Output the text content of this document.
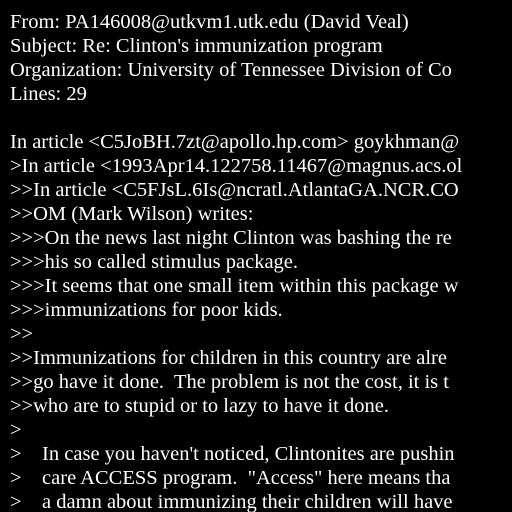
From: PA146008@utkvm1.utk.edu (David Veal)
Subject: Re: Clinton's immunization program
Organization: University of Tennessee Division of Co
Lines: 29
In article <C5JoBH.7zt@apollo.hp.com> goykhman@
>In article <1993Apr14.122758.11467@magnus.acs.ol
>>In article <C5FJsL.6Is@ncratl.AtlantaGA.NCR.CO
>>OM (Mark Wilson) writes:
>>>On the news last night Clinton was bashing the re
>>>his so called stimulus package.
>>>It seems that one small item within this package w
>>>immunizations for poor kids.
>>
>>Immunizations for children in this country are alre
>>go have it done.  The problem is not the cost, it is t
>>who are to stupid or to lazy to have it done.
>
>    In case you haven't noticed, Clintonites are pushin
>    care ACCESS program.  "Access" here means tha
>    a damn about immunizing their children will have
